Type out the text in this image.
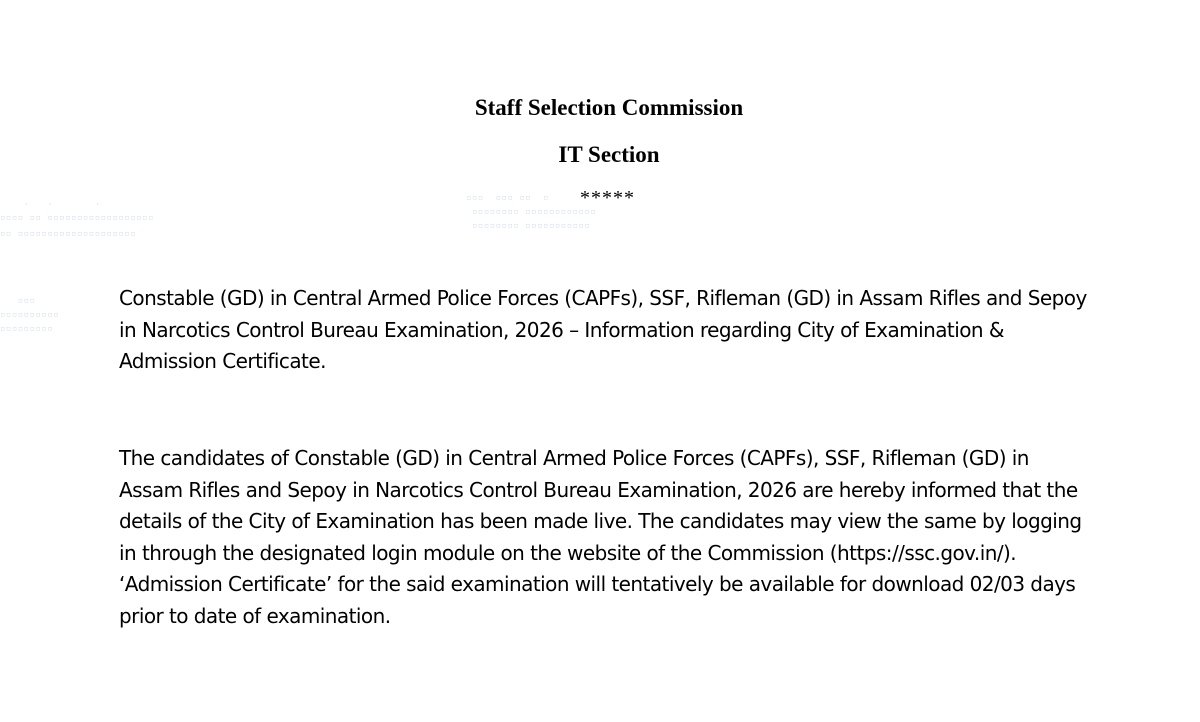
Staff Selection Commission
IT Section
*****
·   ·       ·
▫▫▫▫ ▫▫ ▫▫▫▫▫▫▫▫▫▫▫▫▫▫▫▫▫▫
▫▫ ▫▫▫▫▫▫▫▫▫▫▫▫▫▫▫▫▫▫▫▫
▫▫▫  ▫▫▫ ▫▫  ▫
▫▫▫▫▫▫▫▫ ▫▫▫▫▫▫▫▫▫▫▫▫
▫▫▫▫▫▫▫▫ ▫▫▫▫▫▫▫▫▫▫▫
▫▫▫
▫▫▫▫▫▫▫▫▫▫
▫▫▫▫▫▫▫▫▫

Constable (GD) in Central Armed Police Forces (CAPFs), SSF, Rifleman (GD) in Assam Rifles and Sepoy
in Narcotics Control Bureau Examination, 2026 – Information regarding City of Examination &
Admission Certificate.

The candidates of Constable (GD) in Central Armed Police Forces (CAPFs), SSF, Rifleman (GD) in
Assam Rifles and Sepoy in Narcotics Control Bureau Examination, 2026 are hereby informed that the
details of the City of Examination has been made live. The candidates may view the same by logging
in through the designated login module on the website of the Commission (https://ssc.gov.in/).
‘Admission Certificate’ for the said examination will tentatively be available for download 02/03 days
prior to date of examination.
